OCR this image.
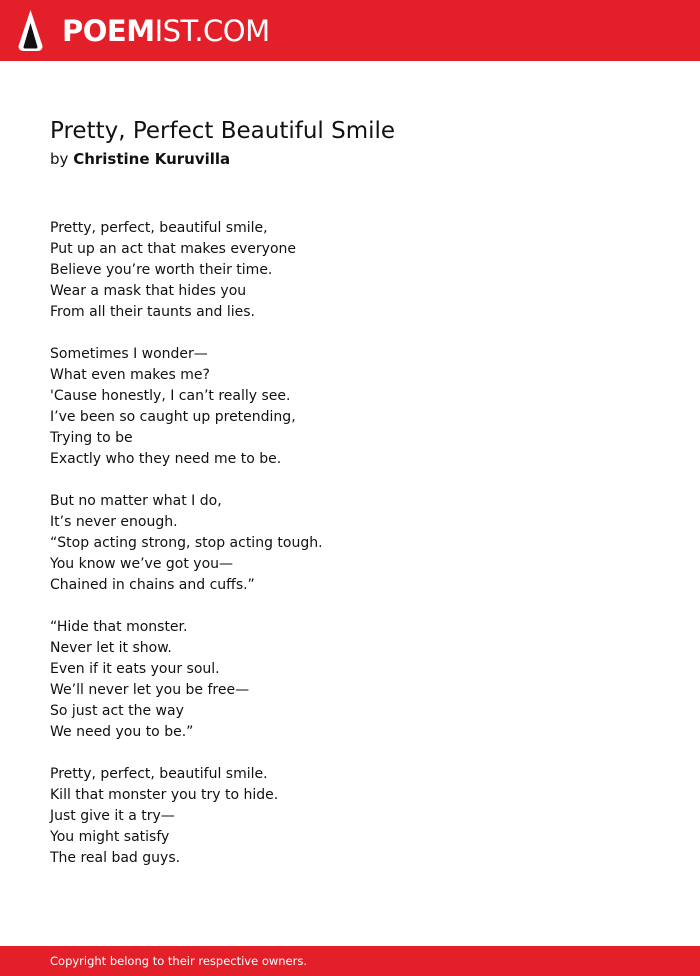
POEMIST.COM
Pretty, Perfect Beautiful Smile
by Christine Kuruvilla
Pretty, perfect, beautiful smile,
Put up an act that makes everyone
Believe you’re worth their time.
Wear a mask that hides you
From all their taunts and lies.
Sometimes I wonder—
What even makes me?
'Cause honestly, I can’t really see.
I’ve been so caught up pretending,
Trying to be
Exactly who they need me to be.
But no matter what I do,
It’s never enough.
“Stop acting strong, stop acting tough.
You know we’ve got you—
Chained in chains and cuffs.”
“Hide that monster.
Never let it show.
Even if it eats your soul.
We’ll never let you be free—
So just act the way
We need you to be.”
Pretty, perfect, beautiful smile.
Kill that monster you try to hide.
Just give it a try—
You might satisfy
The real bad guys.
Copyright belong to their respective owners.
